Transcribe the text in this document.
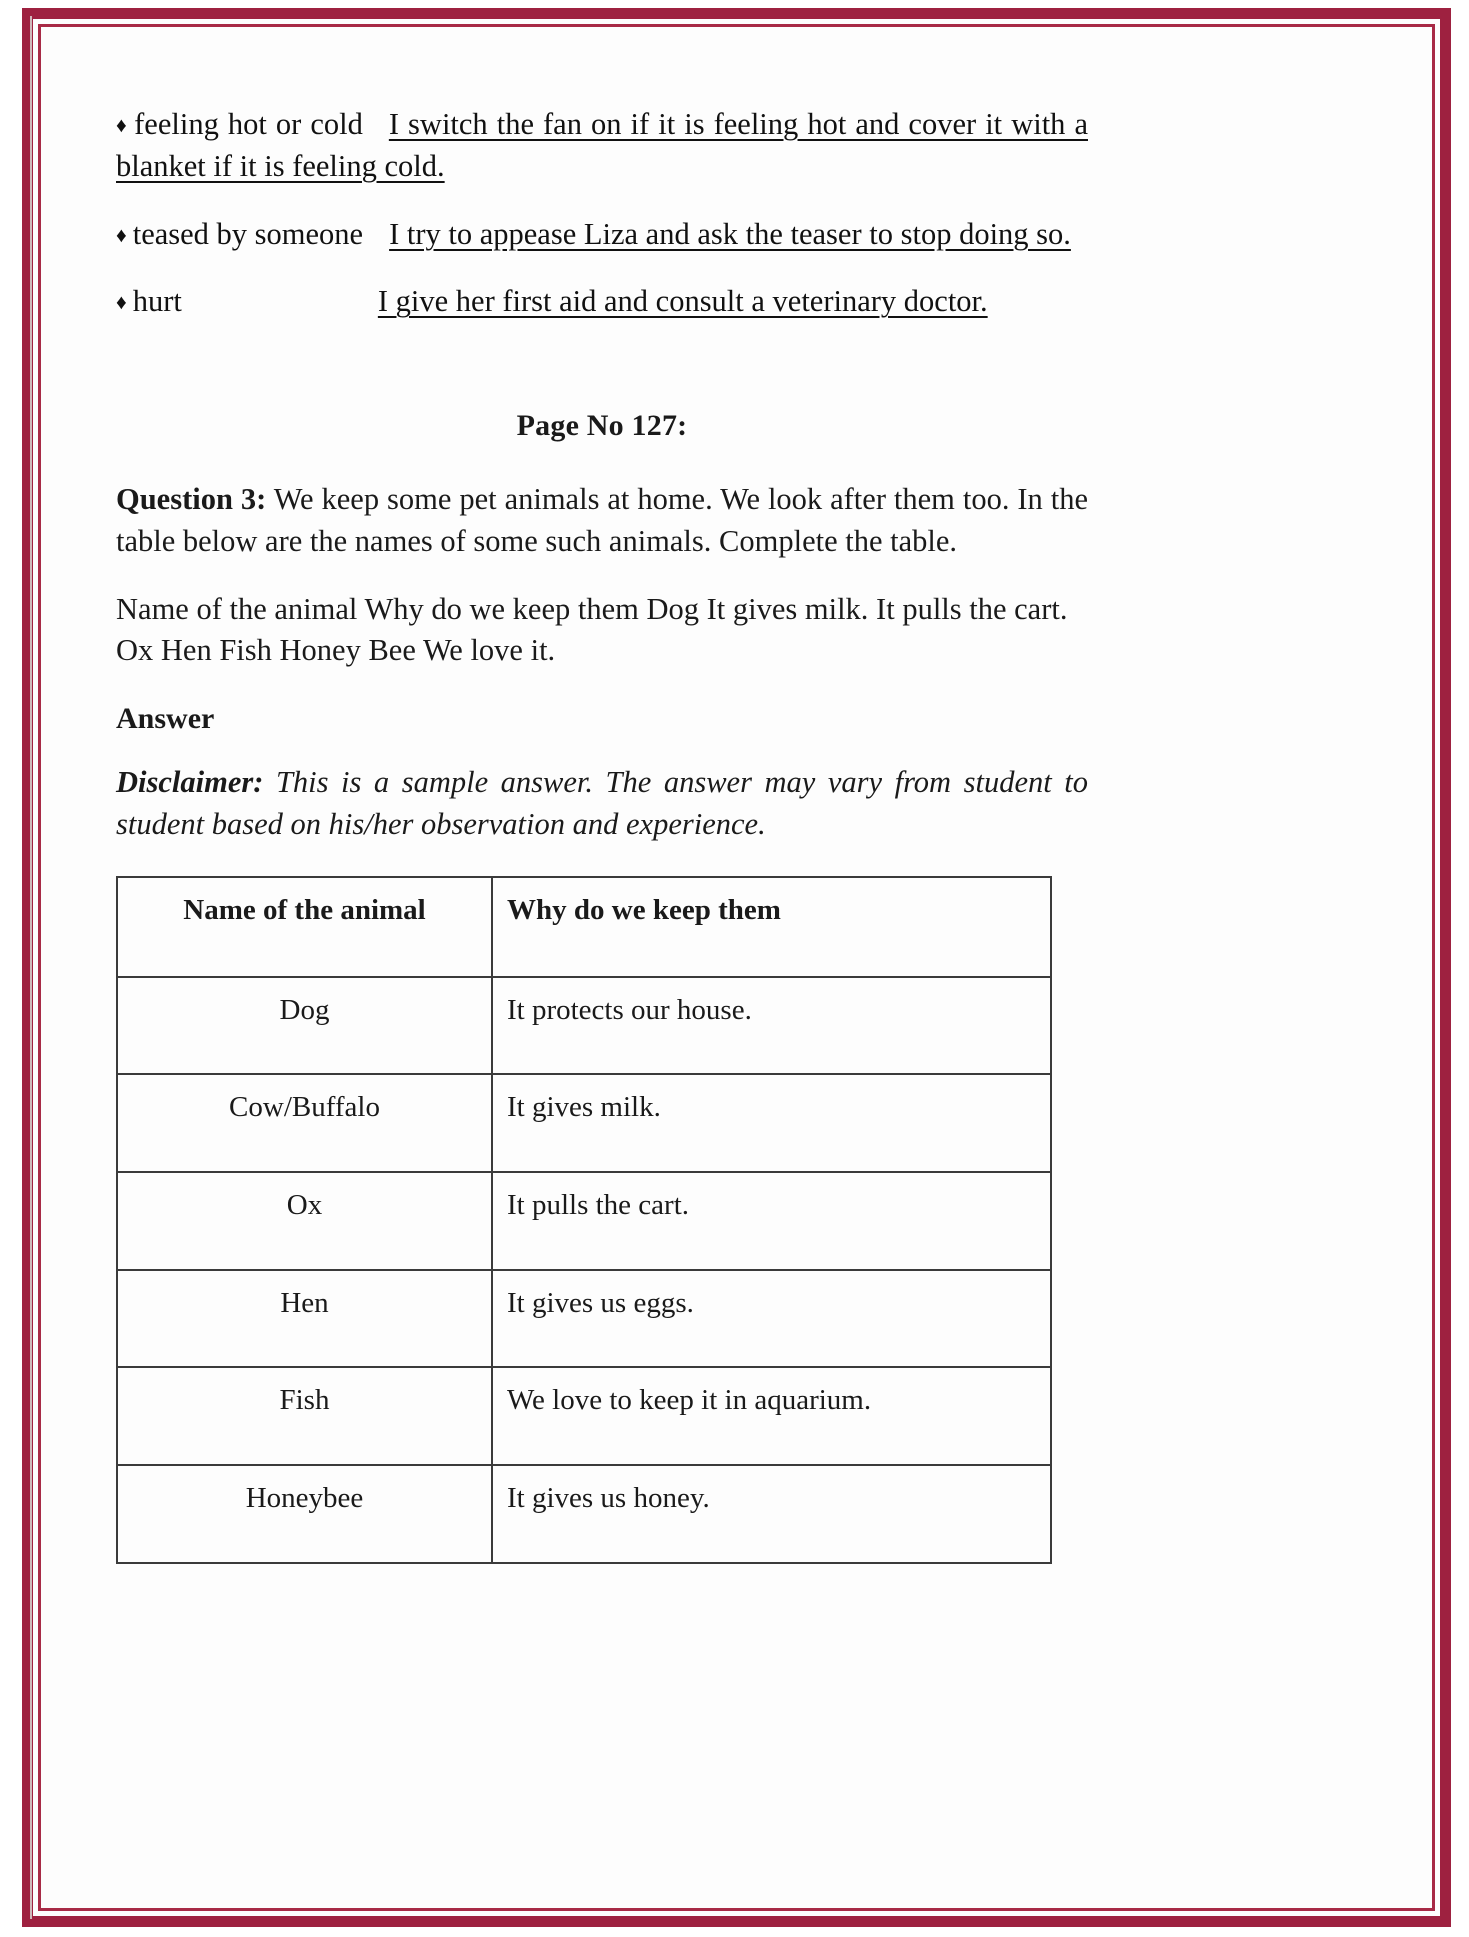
♦ feeling hot or cold I switch the fan on if it is feeling hot and cover it with a blanket if it is feeling cold.
♦ teased by someone I try to appease Liza and ask the teaser to stop doing so.
♦ hurt	I give her first aid and consult a veterinary doctor.
Page No 127:

Question 3: We keep some pet animals at home. We look after them too. In the table below are the names of some such animals. Complete the table.

Name of the animal Why do we keep them Dog It gives milk. It pulls the cart. Ox Hen Fish Honey Bee We love it.

Answer

Disclaimer: This is a sample answer. The answer may vary from student to student based on his/her observation and experience.

Name of the animal	Why do we keep them
Dog	It protects our house.
Cow/Buffalo	It gives milk.
Ox	It pulls the cart.
Hen	It gives us eggs.
Fish	We love to keep it in aquarium.
Honeybee	It gives us honey.
